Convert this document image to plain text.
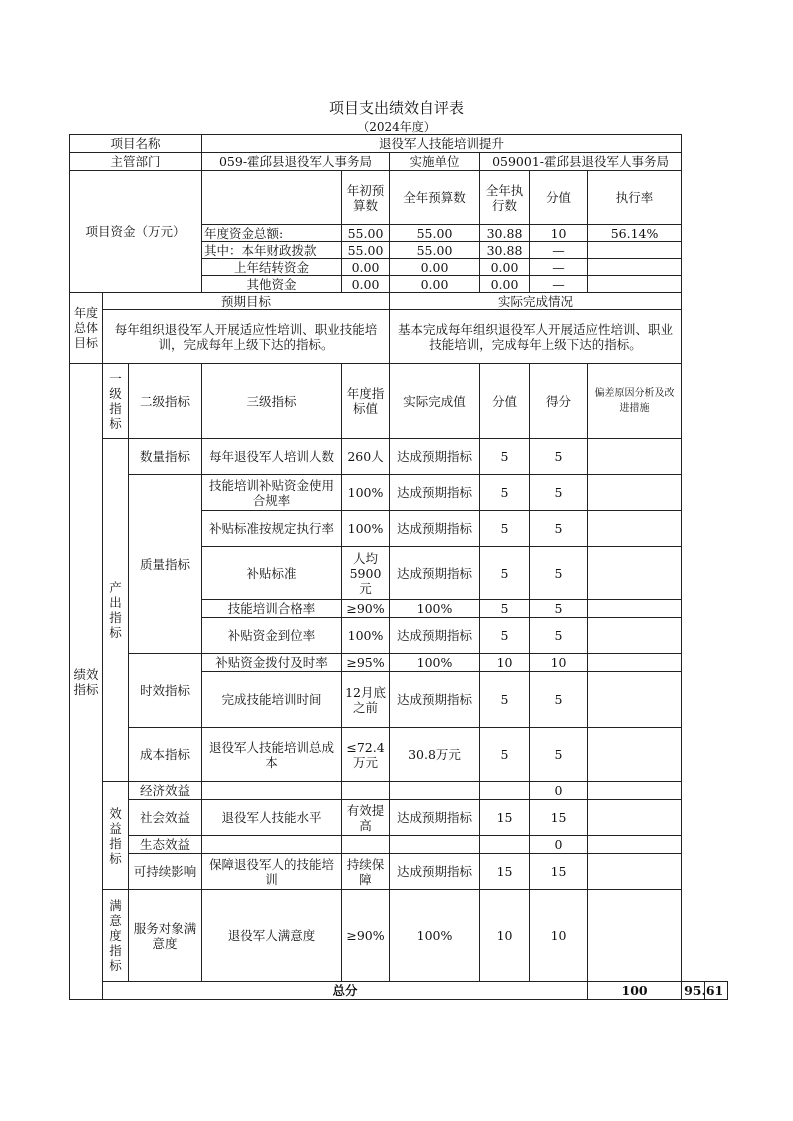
项目支出绩效自评表
（2024年度）
项目名称			退役军人技能培训提升							
主管部门			059-霍邱县退役军人事务局		实施单位	059001-霍邱县退役军人事务局				
项目资金（万元）				年初预算数	全年预算数	全年执行数	分值	执行率		
			年度资金总额:	55.00	55.00	30.88	10	56.14%		
			其中：本年财政拨款	55.00	55.00	30.88	—			
			上年结转资金	0.00	0.00	0.00	—			
			其他资金	0.00	0.00	0.00	—			
年度总体目标	预期目标				实际完成情况					
	每年组织退役军人开展适应性培训、职业技能培训，完成每年上级下达的指标。				基本完成每年组织退役军人开展适应性培训、职业技能培训，完成每年上级下达的指标。					
绩效指标	一级指标	二级指标	三级指标	年度指标值	实际完成值	分值	得分	偏差原因分析及改进措施		
	产出指标	数量指标	每年退役军人培训人数	260人	达成预期指标	5	5			
		质量指标	技能培训补贴资金使用合规率	100%	达成预期指标	5	5			
			补贴标准按规定执行率	100%	达成预期指标	5	5			
			补贴标准	人均5900元	达成预期指标	5	5			
			技能培训合格率	≥90%	100%	5	5			
			补贴资金到位率	100%	达成预期指标	5	5			
		时效指标	补贴资金拨付及时率	≥95%	100%	10	10			
			完成技能培训时间	12月底之前	达成预期指标	5	5			
		成本指标	退役军人技能培训总成本	≤72.4万元	30.8万元	5	5			
	效益指标	经济效益					0			
		社会效益	退役军人技能水平	有效提高	达成预期指标	15	15			
		生态效益					0			
		可持续影响	保障退役军人的技能培训	持续保障	达成预期指标	15	15			
	满意度指标	服务对象满意度	退役军人满意度	≥90%	100%	10	10			
	总分							100	95.61	
